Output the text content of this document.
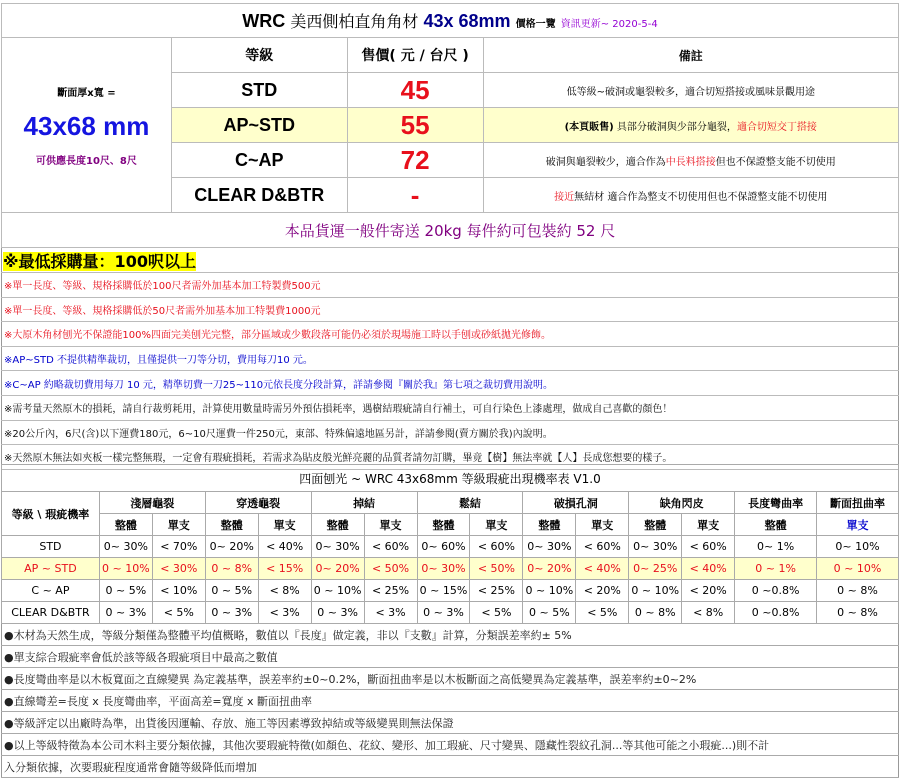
WRC 美西側柏直角角材 43x 68mm 價格一覽 資訊更新~ 2020-5-4			

斷面厚x寬 =
43x68 mm
可供應長度10尺、8尺	等級	售價( 元 / 台尺 )	備註
	STD	45	低等級~破洞或龜裂較多，適合切短搭接或風味景觀用途
	AP~STD	55	(本頁販售) 具部分破洞與少部分龜裂，適合切短交丁搭接
	C~AP	72	破洞與龜裂較少，適合作為中長料搭接但也不保證整支能不切使用
	CLEAR D&BTR	-	接近無結材 適合作為整支不切使用但也不保證整支能不切使用
本品貨運一般件寄送 20kg 每件約可包裝約 52 尺			
※最低採購量：100呎以上			
※單一長度、等級、規格採購低於100尺者需外加基本加工特製費500元			
※單一長度、等級、規格採購低於50尺者需外加基本加工特製費1000元			
※大原木角材刨光不保證能100%四面完美刨光完整，部分區域或少數段落可能仍必須於現場施工時以手刨或砂紙拋光修飾。			
※AP~STD 不提供精準裁切，且僅提供一刀等分切，費用每刀10 元。			
※C~AP 約略裁切費用每刀 10 元，精準切費一刀25~110元依長度分段計算，詳請參閱『關於我』第七項之裁切費用說明。			
※需考量天然原木的損耗，請自行裁剪耗用，計算使用數量時需另外預估損耗率，遇樹結瑕疵請自行補土，可自行染色上漆處理，做成自己喜歡的顏色！			
※20公斤內，6尺(含)以下運費180元，6~10尺運費一件250元，東部、特殊偏遠地區另計，詳請參閱(賣方關於我)內說明。			
※天然原木無法如夾板一樣完整無瑕，一定會有瑕疵損耗，若需求為貼皮般光鮮亮麗的品質者請勿訂購，畢竟【樹】無法率就【人】長成您想要的樣子。			
四面刨光 ~ WRC 43x68mm 等級瑕疵出現機率表 V1.0														
等級 \ 瑕疵機率	淺層龜裂		穿透龜裂		掉結		鬆結		破損孔洞		缺角閃皮		長度彎曲率	斷面扭曲率
	整體	單支	整體	單支	整體	單支	整體	單支	整體	單支	整體	單支	整體	單支
STD	0~ 30%	< 70%	0~ 20%	< 40%	0~ 30%	< 60%	0~ 60%	< 60%	0~ 30%	< 60%	0~ 30%	< 60%	0~ 1%	0~ 10%
AP ~ STD	0 ~ 10%	< 30%	0 ~ 8%	< 15%	0~ 20%	< 50%	0~ 30%	< 50%	0~ 20%	< 40%	0~ 25%	< 40%	0 ~ 1%	0 ~ 10%
C ~ AP	0 ~ 5%	< 10%	0 ~ 5%	< 8%	0 ~ 10%	< 25%	0 ~ 15%	< 25%	0 ~ 10%	< 20%	0 ~ 10%	< 20%	0 ~0.8%	0 ~ 8%
CLEAR D&BTR	0 ~ 3%	< 5%	0 ~ 3%	< 3%	0 ~ 3%	< 3%	0 ~ 3%	< 5%	0 ~ 5%	< 5%	0 ~ 8%	< 8%	0 ~0.8%	0 ~ 8%
●木材為天然生成，等級分類僅為整體平均值概略，數值以『長度』做定義，非以『支數』計算，分類誤差率約± 5%														
●單支綜合瑕疵率會低於該等級各瑕疵項目中最高之數值														
●長度彎曲率是以木板寬面之直線變異 為定義基準，誤差率約±0~0.2%，斷面扭曲率是以木板斷面之高低變異為定義基準，誤差率約±0~2%														
●直線彎差=長度 x 長度彎曲率，平面高差=寬度 x 斷面扭曲率														
●等級評定以出廠時為準，出貨後因運輸、存放、施工等因素導致掉結或等級變異則無法保證														
●以上等級特徵為本公司木料主要分類依據，其他次要瑕疵特徵(如顏色、花紋、變形、加工瑕疵、尺寸變異、隱藏性裂紋孔洞...等其他可能之小瑕疵...)則不計														
入分類依據，次要瑕疵程度通常會隨等級降低而增加														
